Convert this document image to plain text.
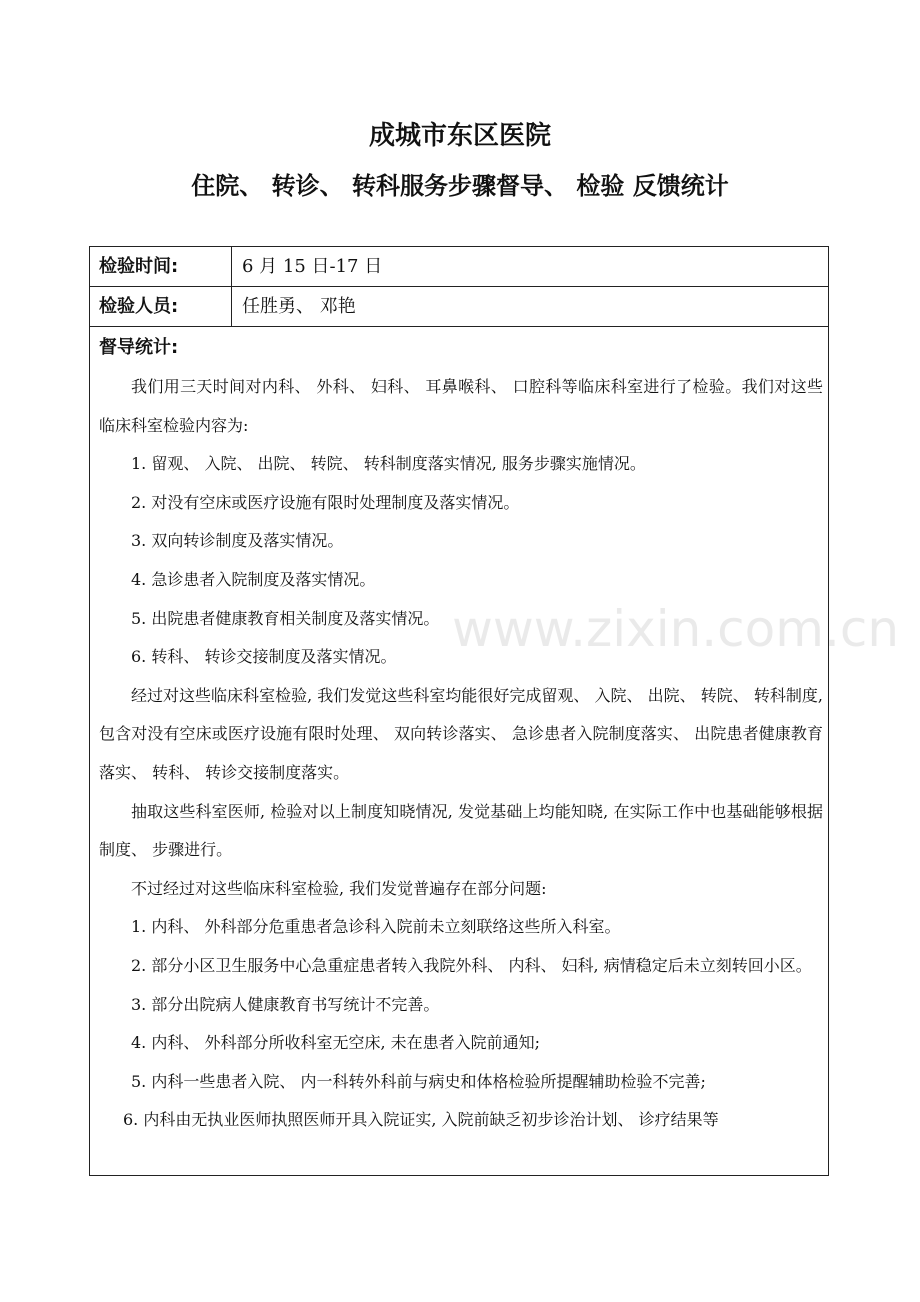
成城市东区医院
住院、 转诊、 转科服务步骤督导、 检验 反馈统计
检验时间:	6 月 15 日-17 日
检验人员:	任胜勇、 邓艳

督导统计:

我们用三天时间对内科、 外科、 妇科、 耳鼻喉科、 口腔科等临床科室进行了检验。我们对这些临床科室检验内容为:

1. 留观、 入院、 出院、 转院、 转科制度落实情况, 服务步骤实施情况。

2. 对没有空床或医疗设施有限时处理制度及落实情况。

3. 双向转诊制度及落实情况。

4. 急诊患者入院制度及落实情况。

5. 出院患者健康教育相关制度及落实情况。

6. 转科、 转诊交接制度及落实情况。

经过对这些临床科室检验, 我们发觉这些科室均能很好完成留观、 入院、 出院、 转院、 转科制度, 包含对没有空床或医疗设施有限时处理、 双向转诊落实、 急诊患者入院制度落实、 出院患者健康教育落实、 转科、 转诊交接制度落实。

抽取这些科室医师, 检验对以上制度知晓情况, 发觉基础上均能知晓, 在实际工作中也基础能够根据制度、 步骤进行。

不过经过对这些临床科室检验, 我们发觉普遍存在部分问题:

1. 内科、 外科部分危重患者急诊科入院前未立刻联络这些所入科室。

2. 部分小区卫生服务中心急重症患者转入我院外科、 内科、 妇科, 病情稳定后未立刻转回小区。

3. 部分出院病人健康教育书写统计不完善。

4. 内科、 外科部分所收科室无空床, 未在患者入院前通知;

5. 内科一些患者入院、 内一科转外科前与病史和体格检验所提醒辅助检验不完善;

6. 内科由无执业医师执照医师开具入院证实, 入院前缺乏初步诊治计划、 诊疗结果等

www.zixin.com.cn
